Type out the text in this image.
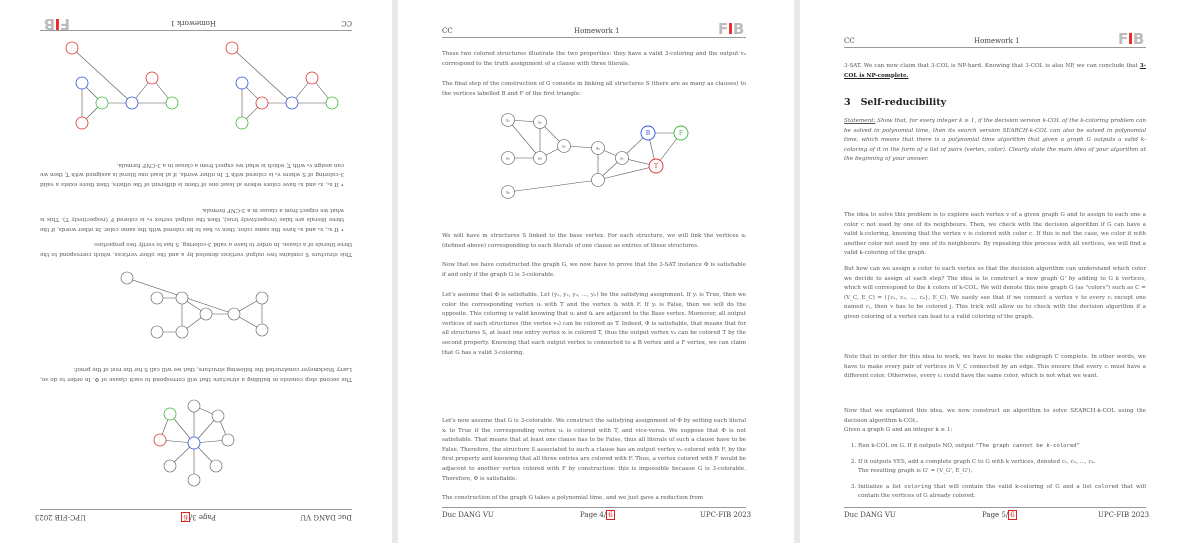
Duc DANG VU
Page 3/6
UPC-FIB 2023
The second step consists in building a structure that will correspond to each clause of Φ. In order to do so, Larry Stockmeyer constructed the following structure, that we will call S for the rest of the proof:
This structure S contains two output vertices denoted by a and the other vertices, which correspond to the three literals of a clause. In order to have a valid 3-coloring, S has to verify two properties:
• If x₁, x₂ and x₃ have the same color, then v₀ has to be colored with the same color. In other words, if the three literals are false (respectively true), then the output vertex v₀ is colored F (respectively T). This is what we expect from a clause in a 3-CNF formula.
• If x₁, x₂ and x₃ have colors where at least one of them is different of the others, then there exists a valid 3-coloring of S where v₀ is colored with T. In other words, if at least one literal is assigned with T, then we can assign v₀ with T, which is what we expect from a clause in a 3-CNF formula.
CC
Homework 1
FIB	CC	Homework 1	FIB
These two colored structures illustrate the two properties: they have a valid 3-coloring and the output v₀ correspond to the truth assignment of a clause with three literals.
The final step of the construction of G consists in linking all structures S (there are as many as clauses) to the vertices labelled B and F of the first triangle:
x₁	x₂
x₃	x₄
x₅	x₆
x₇
x₈
B	F
T
We will have m structures S linked to the base vertex. For each structure, we will link the vertices uᵢ (defined above) corresponding to each literals of one clause as entries of these structures.
Now that we have constructed the graph G, we now have to prove that the 3-SAT instance Φ is satisfiable if and only if the graph G is 3-colorable.
Let's assume that Φ is satisfiable. Let (y₁, y₂, y₃, ..., yₙ) be the satisfying assignment. If yᵢ is True, then we color the corresponding vertex uᵢ with T and the vertex ūᵢ with F. If yᵢ is False, then we will do the opposite. This coloring is valid knowing that uᵢ and ūᵢ are adjacent to the Base vertex. Moreover, all output vertices of each structures (the vertex v₀) can be colored as T. Indeed, Φ is satisfiable, that means that for all structures S, at least one entry vertex xᵢ is colored T, thus the output vertex v₀ can be colored T by the second property. Knowing that each output vertex is connected to a B vertex and a F vertex, we can claim that G has a valid 3-coloring.
Let's now assume that G is 3-colorable. We construct the satisfying assignment of Φ by setting each literal xᵢ to True if the corresponding vertex uᵢ is colored with T, and vice-versa. We suppose that Φ is not satisfiable. That means that at least one clause has to be False, thus all literals of such a clause have to be False. Therefore, the structure S associated to such a clause has an output vertex v₀ colored with F, by the first property and knowing that all three entries are colored with F. Thus, a vertex colored with F would be adjacent to another vertex colored with F by construction: this is impossible because G is 3-colorable. Therefore, Φ is satisfiable.
The construction of the graph G takes a polynomial time, and we just gave a reduction from
Duc DANG VU	Page 4/ 6	UPC-FIB 2023
CC	Homework 1	FIB
3-SAT. We can now claim that 3-COL is NP-hard. Knowing that 3-COL is also NP, we can conclude that 3-COL is NP-complete.
3 Self-reducibility
Statement: Show that, for every integer k ≥ 1, if the decision version k-COL of the k-coloring problem can be solved in polynomial time, then its search version SEARCH-k-COL can also be solved in polynomial time, which means that there is a polynomial time algorithm that given a graph G outputs a valid k-coloring of it in the form of a list of pairs (vertex, color). Clearly state the main idea of your algorithm at the beginning of your answer.
The idea to solve this problem is to explore each vertex v of a given graph G and to assign to each one a color c not used by one of its neighbours. Then, we check with the decision algorithm if G can have a valid k-coloring, knowing that the vertex v is colored with color c. If this is not the case, we color it with another color not used by one of its neighbours. By repeating this process with all vertices, we will find a valid k-coloring of the graph.
But how can we assign a color to each vertex so that the decision algorithm can understand which color we decide to assign at each step? The idea is to construct a new graph G' by adding to G k vertices, which will correspond to the k colors of k-COL. We will denote this new graph G (as "colors") such as C = (V_C, E_C) = ({c₁, c₂, ..., cₖ}, E_C). We easily see that if we connect a vertex v to every cᵢ except one named cⱼ, then v has to be colored j. This trick will allow us to check with the decision algorithm if a given coloring of a vertex can lead to a valid coloring of the graph.
Note that in order for this idea to work, we have to make the subgraph C complete. In other words, we have to make every pair of vertices in V_C connected by an edge. This ensure that every cᵢ must have a different color. Otherwise, every cᵢ could have the same color, which is not what we want.
Now that we explained this idea, we now construct an algorithm to solve SEARCH-k-COL using the decision algorithm k-COL.
Given a graph G and an integer k ≥ 1:
1. Run k-COL on G. If it outputs NO, output "The graph cannot be k-colored"
2. If it outputs YES, add a complete graph C to G with k vertices, denoted c₁, c₂, ..., cₖ.
The resulting graph is G' = (V_G', E_G').
3. Initialize a list coloring that will contain the valid k-coloring of G and a list colored that will contain the vertices of G already colored.
Duc DANG VU	Page 5/ 6	UPC-FIB 2023
